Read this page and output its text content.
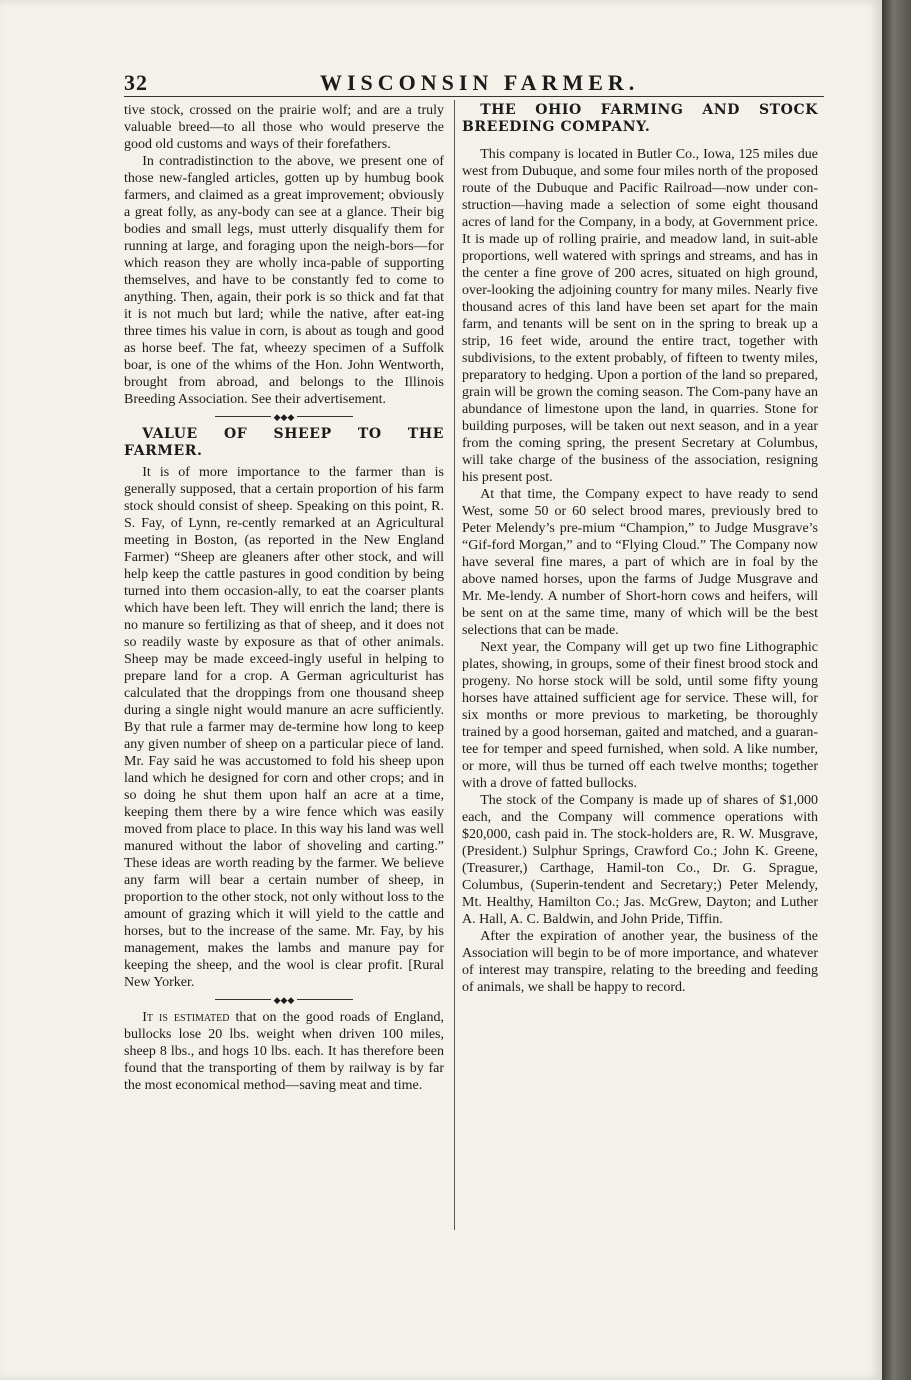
32	WISCONSIN FARMER.

tive stock, crossed on the prairie wolf; and are a truly valuable breed—to all those who would preserve the good old customs and ways of their forefathers.

In contradistinction to the above, we present one of those new-fangled articles, gotten up by humbug book farmers, and claimed as a great improvement; obviously a great folly, as any-body can see at a glance. Their big bodies and small legs, must utterly disqualify them for running at large, and foraging upon the neigh-bors—for which reason they are wholly inca-pable of supporting themselves, and have to be constantly fed to come to anything. Then, again, their pork is so thick and fat that it is not much but lard; while the native, after eat-ing three times his value in corn, is about as tough and good as horse beef. The fat, wheezy specimen of a Suffolk boar, is one of the whims of the Hon. John Wentworth, brought from abroad, and belongs to the Illinois Breeding Association. See their advertisement.

◆◆◆

VALUE OF SHEEP TO THE FARMER.

It is of more importance to the farmer than is generally supposed, that a certain proportion of his farm stock should consist of sheep. Speaking on this point, R. S. Fay, of Lynn, re-cently remarked at an Agricultural meeting in Boston, (as reported in the New England Farmer) “Sheep are gleaners after other stock, and will help keep the cattle pastures in good condition by being turned into them occasion-ally, to eat the coarser plants which have been left. They will enrich the land; there is no manure so fertilizing as that of sheep, and it does not so readily waste by exposure as that of other animals. Sheep may be made exceed-ingly useful in helping to prepare land for a crop. A German agriculturist has calculated that the droppings from one thousand sheep during a single night would manure an acre sufficiently. By that rule a farmer may de-termine how long to keep any given number of sheep on a particular piece of land. Mr. Fay said he was accustomed to fold his sheep upon land which he designed for corn and other crops; and in so doing he shut them upon half an acre at a time, keeping them there by a wire fence which was easily moved from place to place. In this way his land was well manured without the labor of shoveling and carting.” These ideas are worth reading by the farmer. We believe any farm will bear a certain number of sheep, in proportion to the other stock, not only without loss to the amount of grazing which it will yield to the cattle and horses, but to the increase of the same. Mr. Fay, by his management, makes the lambs and manure pay for keeping the sheep, and the wool is clear profit. [Rural New Yorker.

◆◆◆

It is estimated that on the good roads of England, bullocks lose 20 lbs. weight when driven 100 miles, sheep 8 lbs., and hogs 10 lbs. each. It has therefore been found that the transporting of them by railway is by far the most economical method—saving meat and time.

THE OHIO FARMING AND STOCK BREEDING COMPANY.

This company is located in Butler Co., Iowa, 125 miles due west from Dubuque, and some four miles north of the proposed route of the Dubuque and Pacific Railroad—now under con-struction—having made a selection of some eight thousand acres of land for the Company, in a body, at Government price. It is made up of rolling prairie, and meadow land, in suit-able proportions, well watered with springs and streams, and has in the center a fine grove of 200 acres, situated on high ground, over-looking the adjoining country for many miles. Nearly five thousand acres of this land have been set apart for the main farm, and tenants will be sent on in the spring to break up a strip, 16 feet wide, around the entire tract, together with subdivisions, to the extent probably, of fifteen to twenty miles, preparatory to hedging. Upon a portion of the land so prepared, grain will be grown the coming season. The Com-pany have an abundance of limestone upon the land, in quarries. Stone for building purposes, will be taken out next season, and in a year from the coming spring, the present Secretary at Columbus, will take charge of the business of the association, resigning his present post.

At that time, the Company expect to have ready to send West, some 50 or 60 select brood mares, previously bred to Peter Melendy’s pre-mium “Champion,” to Judge Musgrave’s “Gif-ford Morgan,” and to “Flying Cloud.” The Company now have several fine mares, a part of which are in foal by the above named horses, upon the farms of Judge Musgrave and Mr. Me-lendy. A number of Short-horn cows and heifers, will be sent on at the same time, many of which will be the best selections that can be made.

Next year, the Company will get up two fine Lithographic plates, showing, in groups, some of their finest brood stock and progeny. No horse stock will be sold, until some fifty young horses have attained sufficient age for service. These will, for six months or more previous to marketing, be thoroughly trained by a good horseman, gaited and matched, and a guaran-tee for temper and speed furnished, when sold. A like number, or more, will thus be turned off each twelve months; together with a drove of fatted bullocks.

The stock of the Company is made up of shares of $1,000 each, and the Company will commence operations with $20,000, cash paid in. The stock-holders are, R. W. Musgrave, (President.) Sulphur Springs, Crawford Co.; John K. Greene, (Treasurer,) Carthage, Hamil-ton Co., Dr. G. Sprague, Columbus, (Superin-tendent and Secretary;) Peter Melendy, Mt. Healthy, Hamilton Co.; Jas. McGrew, Dayton; and Luther A. Hall, A. C. Baldwin, and John Pride, Tiffin.

After the expiration of another year, the business of the Association will begin to be of more importance, and whatever of interest may transpire, relating to the breeding and feeding of animals, we shall be happy to record.
